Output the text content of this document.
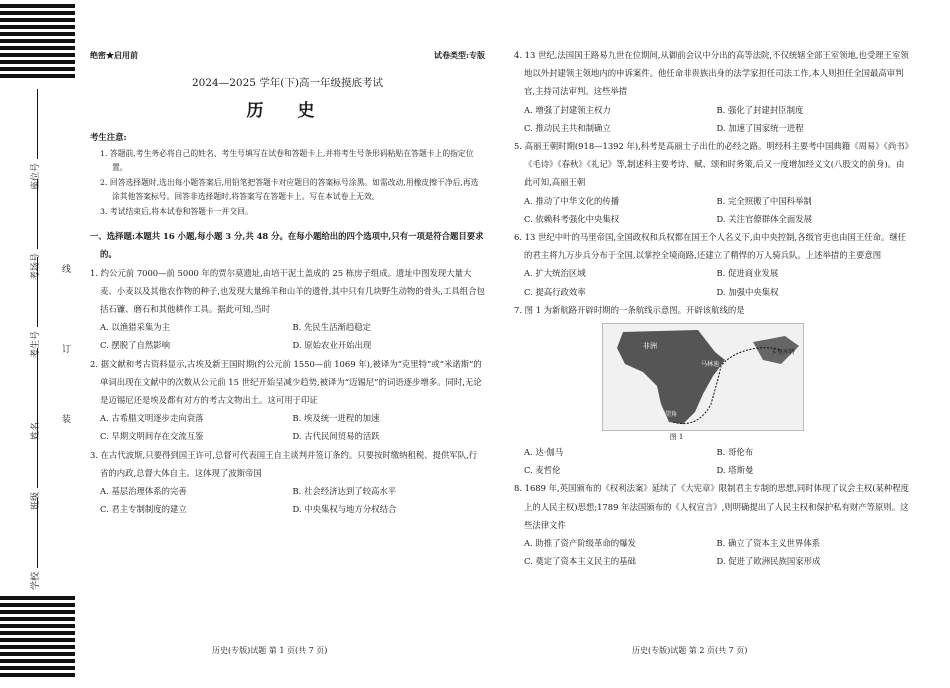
座位号
考场号
考生号
姓名
班级
学校
线
订
装
绝密★启用前	试卷类型:专版
2024—2025 学年(下)高一年级摸底考试
历 史
考生注意:
1. 答题前,考生务必将自己的姓名、考生号填写在试卷和答题卡上,并将考生号条形码粘贴在答题卡上的指定位置。
2. 回答选择题时,选出每小题答案后,用铅笔把答题卡对应题目的答案标号涂黑。如需改动,用橡皮擦干净后,再选涂其他答案标号。回答非选择题时,将答案写在答题卡上。写在本试卷上无效。
3. 考试结束后,将本试卷和答题卡一并交回。
一、选择题:本题共 16 小题,每小题 3 分,共 48 分。在每小题给出的四个选项中,只有一项是符合题目要求的。
1. 约公元前 7000—前 5000 年的贾尔莫遗址,由培干泥土盖成的 25 栋房子组成。遗址中图发现大量大麦、小麦以及其他农作物的种子,也发现大量绵羊和山羊的遗骨,其中只有几块野生动物的骨头,工具组合包括石镰、磨石和其他耕作工具。据此可知,当时
A. 以渔猎采集为主	B. 先民生活渐趋稳定
C. 摆脱了自然影响	D. 原始农业开始出现
2. 据文献和考古资料显示,古埃及新王国时期(约公元前 1550—前 1069 年),被译为“克里特”或“米诺斯”的单词出现在文献中的次数从公元前 15 世纪开始呈减少趋势,被译为“迈锡尼”的词语逐步增多。同时,无论是迈锡尼还是埃及都有对方的考古文物出土。这可用于印证
A. 古希腊文明逐步走向衰落	B. 埃及统一进程的加速
C. 早期文明间存在交流互鉴	D. 古代民间贸易的活跃
3. 在古代波斯,只要得到国王许可,总督可代表国王自主谈判并签订条约。只要按时缴纳租税、提供军队,行省的内政,总督大体自主。这体现了波斯帝国
A. 基层治理体系的完善	B. 社会经济达到了较高水平
C. 君主专制制度的建立	D. 中央集权与地方分权结合
4. 13 世纪,法国国王路易九世在位期间,从御前会议中分出的高等法院,不仅统辖全部王室领地,也受理王室领地以外封建领主领地内的申诉案件。他任命非贵族出身的法学家担任司法工作,本人则担任全国最高审判官,主持司法审判。这些举措
A. 增强了封建领主权力	B. 强化了封建封臣制度
C. 推动民主共和制确立	D. 加速了国家统一进程
5. 高丽王朝时期(918—1392 年),科考是高丽士子出仕的必经之路。明经科主要考中国典籍《周易》《尚书》《毛诗》《春秋》《礼记》等,制述科主要考诗、赋、颂和时务策,后又一度增加经义文(八股文的前身)。由此可知,高丽王朝
A. 推动了中华文化的传播	B. 完全照搬了中国科举制
C. 依赖科考强化中央集权	D. 关注官僚群体全面发展
6. 13 世纪中叶的马里帝国,全国政权和兵权都在国王个人名义下,由中央控制,各级官吏也由国王任命。继任的君主将九万步兵分布于全国,以掌控全境商路,还建立了精悍的万人骑兵队。上述举措的主要意图
A. 扩大统治区域	B. 促进商业发展
C. 提高行政效率	D. 加强中央集权
7. 图 1 为新航路开辟时期的一条航线示意图。开辟该航线的是
非洲
马林迪
卡里库特
好望角
图 1
A. 达·伽马	B. 哥伦布
C. 麦哲伦	D. 塔斯曼
8. 1689 年,英国颁布的《权利法案》延续了《大宪章》限制君主专制的思想,同时体现了议会主权(某种程度上的人民主权)思想;1789 年法国颁布的《人权宣言》,则明确提出了人民主权和保护私有财产等原则。这些法律文件
A. 助推了资产阶级革命的爆发	B. 确立了资本主义世界体系
C. 奠定了资本主义民主的基础	D. 促进了欧洲民族国家形成
历史(专版)试题 第 1 页(共 7 页)	历史(专版)试题 第 2 页(共 7 页)
